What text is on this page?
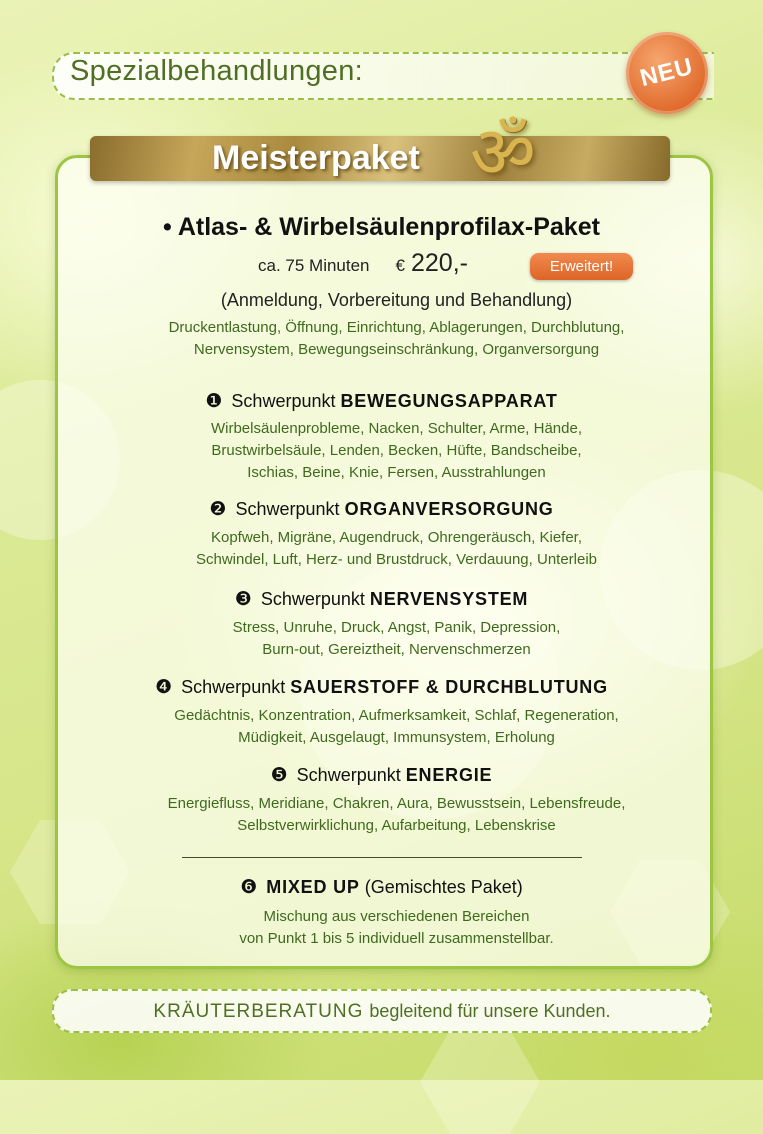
Spezialbehandlungen:	NEU
Meisterpaket ॐ
• Atlas- & Wirbelsäulenprofilax-Paket
ca. 75 Minuten € 220,-	Erweitert!
(Anmeldung, Vorbereitung und Behandlung)
Druckentlastung, Öffnung, Einrichtung, Ablagerungen, Durchblutung,
Nervensystem, Bewegungseinschränkung, Organversorgung
❶ Schwerpunkt BEWEGUNGSAPPARAT
Wirbelsäulenprobleme, Nacken, Schulter, Arme, Hände,
Brustwirbelsäule, Lenden, Becken, Hüfte, Bandscheibe,
Ischias, Beine, Knie, Fersen, Ausstrahlungen
❷ Schwerpunkt ORGANVERSORGUNG
Kopfweh, Migräne, Augendruck, Ohrengeräusch, Kiefer,
Schwindel, Luft, Herz- und Brustdruck, Verdauung, Unterleib
❸ Schwerpunkt NERVENSYSTEM
Stress, Unruhe, Druck, Angst, Panik, Depression,
Burn-out, Gereiztheit, Nervenschmerzen
❹ Schwerpunkt SAUERSTOFF & DURCHBLUTUNG
Gedächtnis, Konzentration, Aufmerksamkeit, Schlaf, Regeneration,
Müdigkeit, Ausgelaugt, Immunsystem, Erholung
❺ Schwerpunkt ENERGIE
Energiefluss, Meridiane, Chakren, Aura, Bewusstsein, Lebensfreude,
Selbstverwirklichung, Aufarbeitung, Lebenskrise
❻ MIXED UP (Gemischtes Paket)
Mischung aus verschiedenen Bereichen
von Punkt 1 bis 5 individuell zusammenstellbar.
KRÄUTERBERATUNG begleitend für unsere Kunden.
